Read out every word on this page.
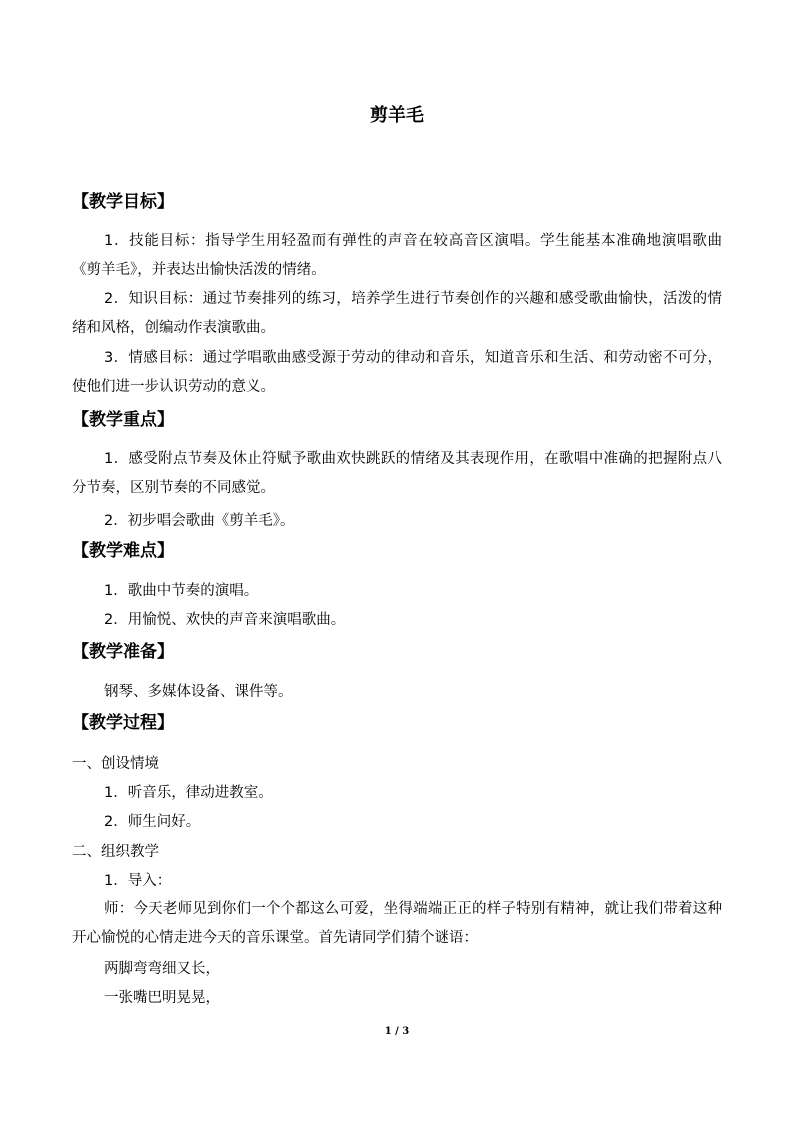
剪羊毛
【教学目标】
1．技能目标：指导学生用轻盈而有弹性的声音在较高音区演唱。学生能基本准确地演唱歌曲《剪羊毛》，并表达出愉快活泼的情绪。
2．知识目标：通过节奏排列的练习，培养学生进行节奏创作的兴趣和感受歌曲愉快，活泼的情绪和风格，创编动作表演歌曲。
3．情感目标：通过学唱歌曲感受源于劳动的律动和音乐，知道音乐和生活、和劳动密不可分，使他们进一步认识劳动的意义。
【教学重点】
1．感受附点节奏及休止符赋予歌曲欢快跳跃的情绪及其表现作用，在歌唱中准确的把握附点八分节奏，区别节奏的不同感觉。
2．初步唱会歌曲《剪羊毛》。
【教学难点】
1．歌曲中节奏的演唱。
2．用愉悦、欢快的声音来演唱歌曲。
【教学准备】
钢琴、多媒体设备、课件等。
【教学过程】
一、创设情境
1．听音乐，律动进教室。
2．师生问好。
二、组织教学
1．导入：
师：今天老师见到你们一个个都这么可爱，坐得端端正正的样子特别有精神，就让我们带着这种开心愉悦的心情走进今天的音乐课堂。首先请同学们猜个谜语：
两脚弯弯细又长，
一张嘴巴明晃晃，
1 / 3
